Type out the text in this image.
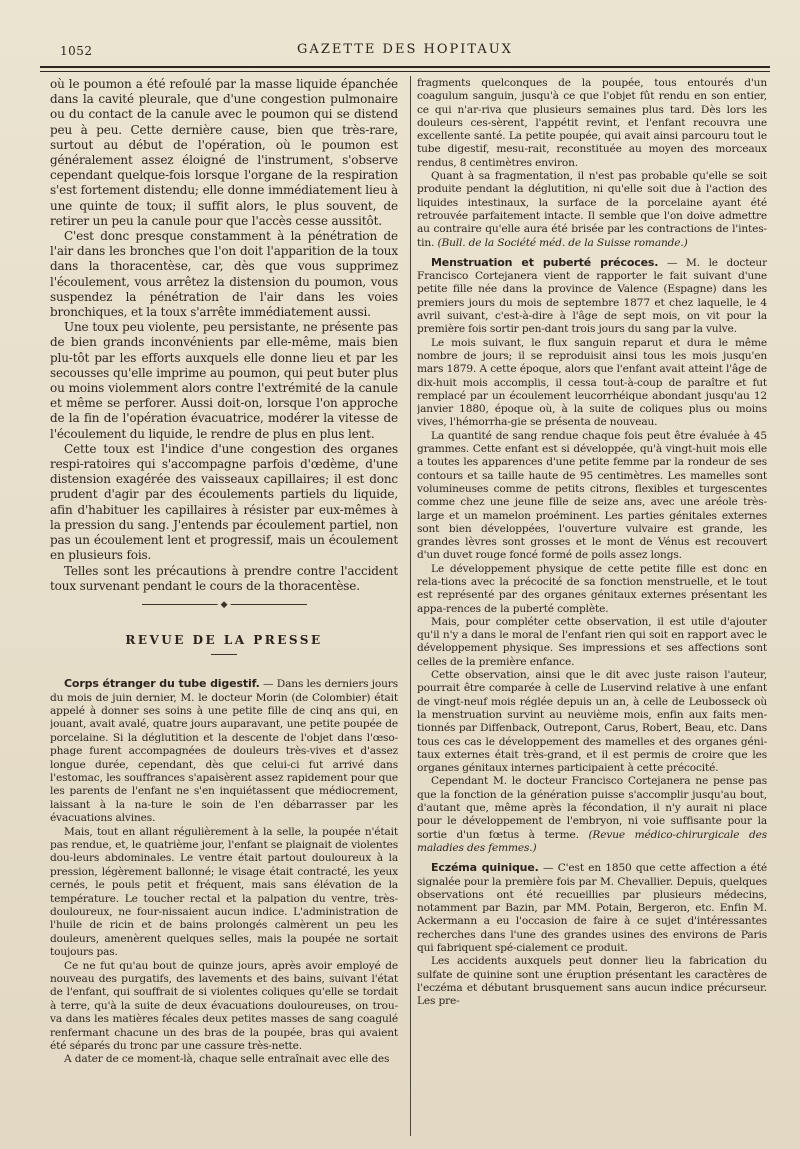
1052	GAZETTE DES HOPITAUX

où le poumon a été refoulé par la masse liquide épanchée dans la cavité pleurale, que d'une congestion pulmonaire ou du contact de la canule avec le poumon qui se distend peu à peu. Cette dernière cause, bien que très-rare, surtout au début de l'opération, où le poumon est généralement assez éloigné de l'instrument, s'observe cependant quelque-fois lorsque l'organe de la respiration s'est fortement distendu; elle donne immédiatement lieu à une quinte de toux; il suffit alors, le plus souvent, de retirer un peu la canule pour que l'accès cesse aussitôt.

C'est donc presque constamment à la pénétration de l'air dans les bronches que l'on doit l'apparition de la toux dans la thoracentèse, car, dès que vous supprimez l'écoulement, vous arrêtez la distension du poumon, vous suspendez la pénétration de l'air dans les voies bronchiques, et la toux s'arrête immédiatement aussi.

Une toux peu violente, peu persistante, ne présente pas de bien grands inconvénients par elle-même, mais bien plu-tôt par les efforts auxquels elle donne lieu et par les secousses qu'elle imprime au poumon, qui peut buter plus ou moins violemment alors contre l'extrémité de la canule et même se perforer. Aussi doit-on, lorsque l'on approche de la fin de l'opération évacuatrice, modérer la vitesse de l'écoulement du liquide, le rendre de plus en plus lent.

Cette toux est l'indice d'une congestion des organes respi-ratoires qui s'accompagne parfois d'œdème, d'une distension exagérée des vaisseaux capillaires; il est donc prudent d'agir par des écoulements partiels du liquide, afin d'habituer les capillaires à résister par eux-mêmes à la pression du sang. J'entends par écoulement partiel, non pas un écoulement lent et progressif, mais un écoulement en plusieurs fois.

Telles sont les précautions à prendre contre l'accident toux survenant pendant le cours de la thoracentèse.

◆
REVUE DE LA PRESSE

Corps étranger du tube digestif. — Dans les derniers jours du mois de juin dernier, M. le docteur Morin (de Colombier) était appelé à donner ses soins à une petite fille de cinq ans qui, en jouant, avait avalé, quatre jours auparavant, une petite poupée de porcelaine. Si la déglutition et la descente de l'objet dans l'œso-phage furent accompagnées de douleurs très-vives et d'assez longue durée, cependant, dès que celui-ci fut arrivé dans l'estomac, les souffrances s'apaisèrent assez rapidement pour que les parents de l'enfant ne s'en inquiétassent que médiocrement, laissant à la na-ture le soin de l'en débarrasser par les évacuations alvines.

Mais, tout en allant régulièrement à la selle, la poupée n'était pas rendue, et, le quatrième jour, l'enfant se plaignait de violentes dou-leurs abdominales. Le ventre était partout douloureux à la pression, légèrement ballonné; le visage était contracté, les yeux cernés, le pouls petit et fréquent, mais sans élévation de la température. Le toucher rectal et la palpation du ventre, très-douloureux, ne four-nissaient aucun indice. L'administration de l'huile de ricin et de bains prolongés calmèrent un peu les douleurs, amenèrent quelques selles, mais la poupée ne sortait toujours pas.

Ce ne fut qu'au bout de quinze jours, après avoir employé de nouveau des purgatifs, des lavements et des bains, suivant l'état de l'enfant, qui souffrait de si violentes coliques qu'elle se tordait à terre, qu'à la suite de deux évacuations douloureuses, on trou-va dans les matières fécales deux petites masses de sang coagulé renfermant chacune un des bras de la poupée, bras qui avaient été séparés du tronc par une cassure très-nette.

A dater de ce moment-là, chaque selle entraînait avec elle des

fragments quelconques de la poupée, tous entourés d'un coagulum sanguin, jusqu'à ce que l'objet fût rendu en son entier, ce qui n'ar-riva que plusieurs semaines plus tard. Dès lors les douleurs ces-sèrent, l'appétit revint, et l'enfant recouvra une excellente santé. La petite poupée, qui avait ainsi parcouru tout le tube digestif, mesu-rait, reconstituée au moyen des morceaux rendus, 8 centimètres environ.

Quant à sa fragmentation, il n'est pas probable qu'elle se soit produite pendant la déglutition, ni qu'elle soit due à l'action des liquides intestinaux, la surface de la porcelaine ayant été retrouvée parfaitement intacte. Il semble que l'on doive admettre au contraire qu'elle aura été brisée par les contractions de l'intes-tin. (Bull. de la Société méd. de la Suisse romande.)

Menstruation et puberté précoces. — M. le docteur Francisco Cortejanera vient de rapporter le fait suivant d'une petite fille née dans la province de Valence (Espagne) dans les premiers jours du mois de septembre 1877 et chez laquelle, le 4 avril suivant, c'est-à-dire à l'âge de sept mois, on vit pour la première fois sortir pen-dant trois jours du sang par la vulve.

Le mois suivant, le flux sanguin reparut et dura le même nombre de jours; il se reproduisit ainsi tous les mois jusqu'en mars 1879. A cette époque, alors que l'enfant avait atteint l'âge de dix-huit mois accomplis, il cessa tout-à-coup de paraître et fut remplacé par un écoulement leucorrhéique abondant jusqu'au 12 janvier 1880, époque où, à la suite de coliques plus ou moins vives, l'hémorrha-gie se présenta de nouveau.

La quantité de sang rendue chaque fois peut être évaluée à 45 grammes. Cette enfant est si développée, qu'à vingt-huit mois elle a toutes les apparences d'une petite femme par la rondeur de ses contours et sa taille haute de 95 centimètres. Les mamelles sont volumineuses comme de petits citrons, flexibles et turgescentes comme chez une jeune fille de seize ans, avec une aréole très-large et un mamelon proéminent. Les parties génitales externes sont bien développées, l'ouverture vulvaire est grande, les grandes lèvres sont grosses et le mont de Vénus est recouvert d'un duvet rouge foncé formé de poils assez longs.

Le développement physique de cette petite fille est donc en rela-tions avec la précocité de sa fonction menstruelle, et le tout est représenté par des organes génitaux externes présentant les appa-rences de la puberté complète.

Mais, pour compléter cette observation, il est utile d'ajouter qu'il n'y a dans le moral de l'enfant rien qui soit en rapport avec le développement physique. Ses impressions et ses affections sont celles de la première enfance.

Cette observation, ainsi que le dit avec juste raison l'auteur, pourrait être comparée à celle de Luservind relative à une enfant de vingt-neuf mois réglée depuis un an, à celle de Leubosseck où la menstruation survint au neuvième mois, enfin aux faits men-tionnés par Diffenback, Outrepont, Carus, Robert, Beau, etc. Dans tous ces cas le développement des mamelles et des organes géni-taux externes était très-grand, et il est permis de croire que les organes génitaux internes participaient à cette précocité.

Cependant M. le docteur Francisco Cortejanera ne pense pas que la fonction de la génération puisse s'accomplir jusqu'au bout, d'autant que, même après la fécondation, il n'y aurait ni place pour le développement de l'embryon, ni voie suffisante pour la sortie d'un fœtus à terme. (Revue médico-chirurgicale des maladies des femmes.)

Eczéma quinique. — C'est en 1850 que cette affection a été signalée pour la première fois par M. Chevallier. Depuis, quelques observations ont été recueillies par plusieurs médecins, notamment par Bazin, par MM. Potain, Bergeron, etc. Enfin M. Ackermann a eu l'occasion de faire à ce sujet d'intéressantes recherches dans l'une des grandes usines des environs de Paris qui fabriquent spé-cialement ce produit.

Les accidents auxquels peut donner lieu la fabrication du sulfate de quinine sont une éruption présentant les caractères de l'eczéma et débutant brusquement sans aucun indice précurseur. Les pre-
